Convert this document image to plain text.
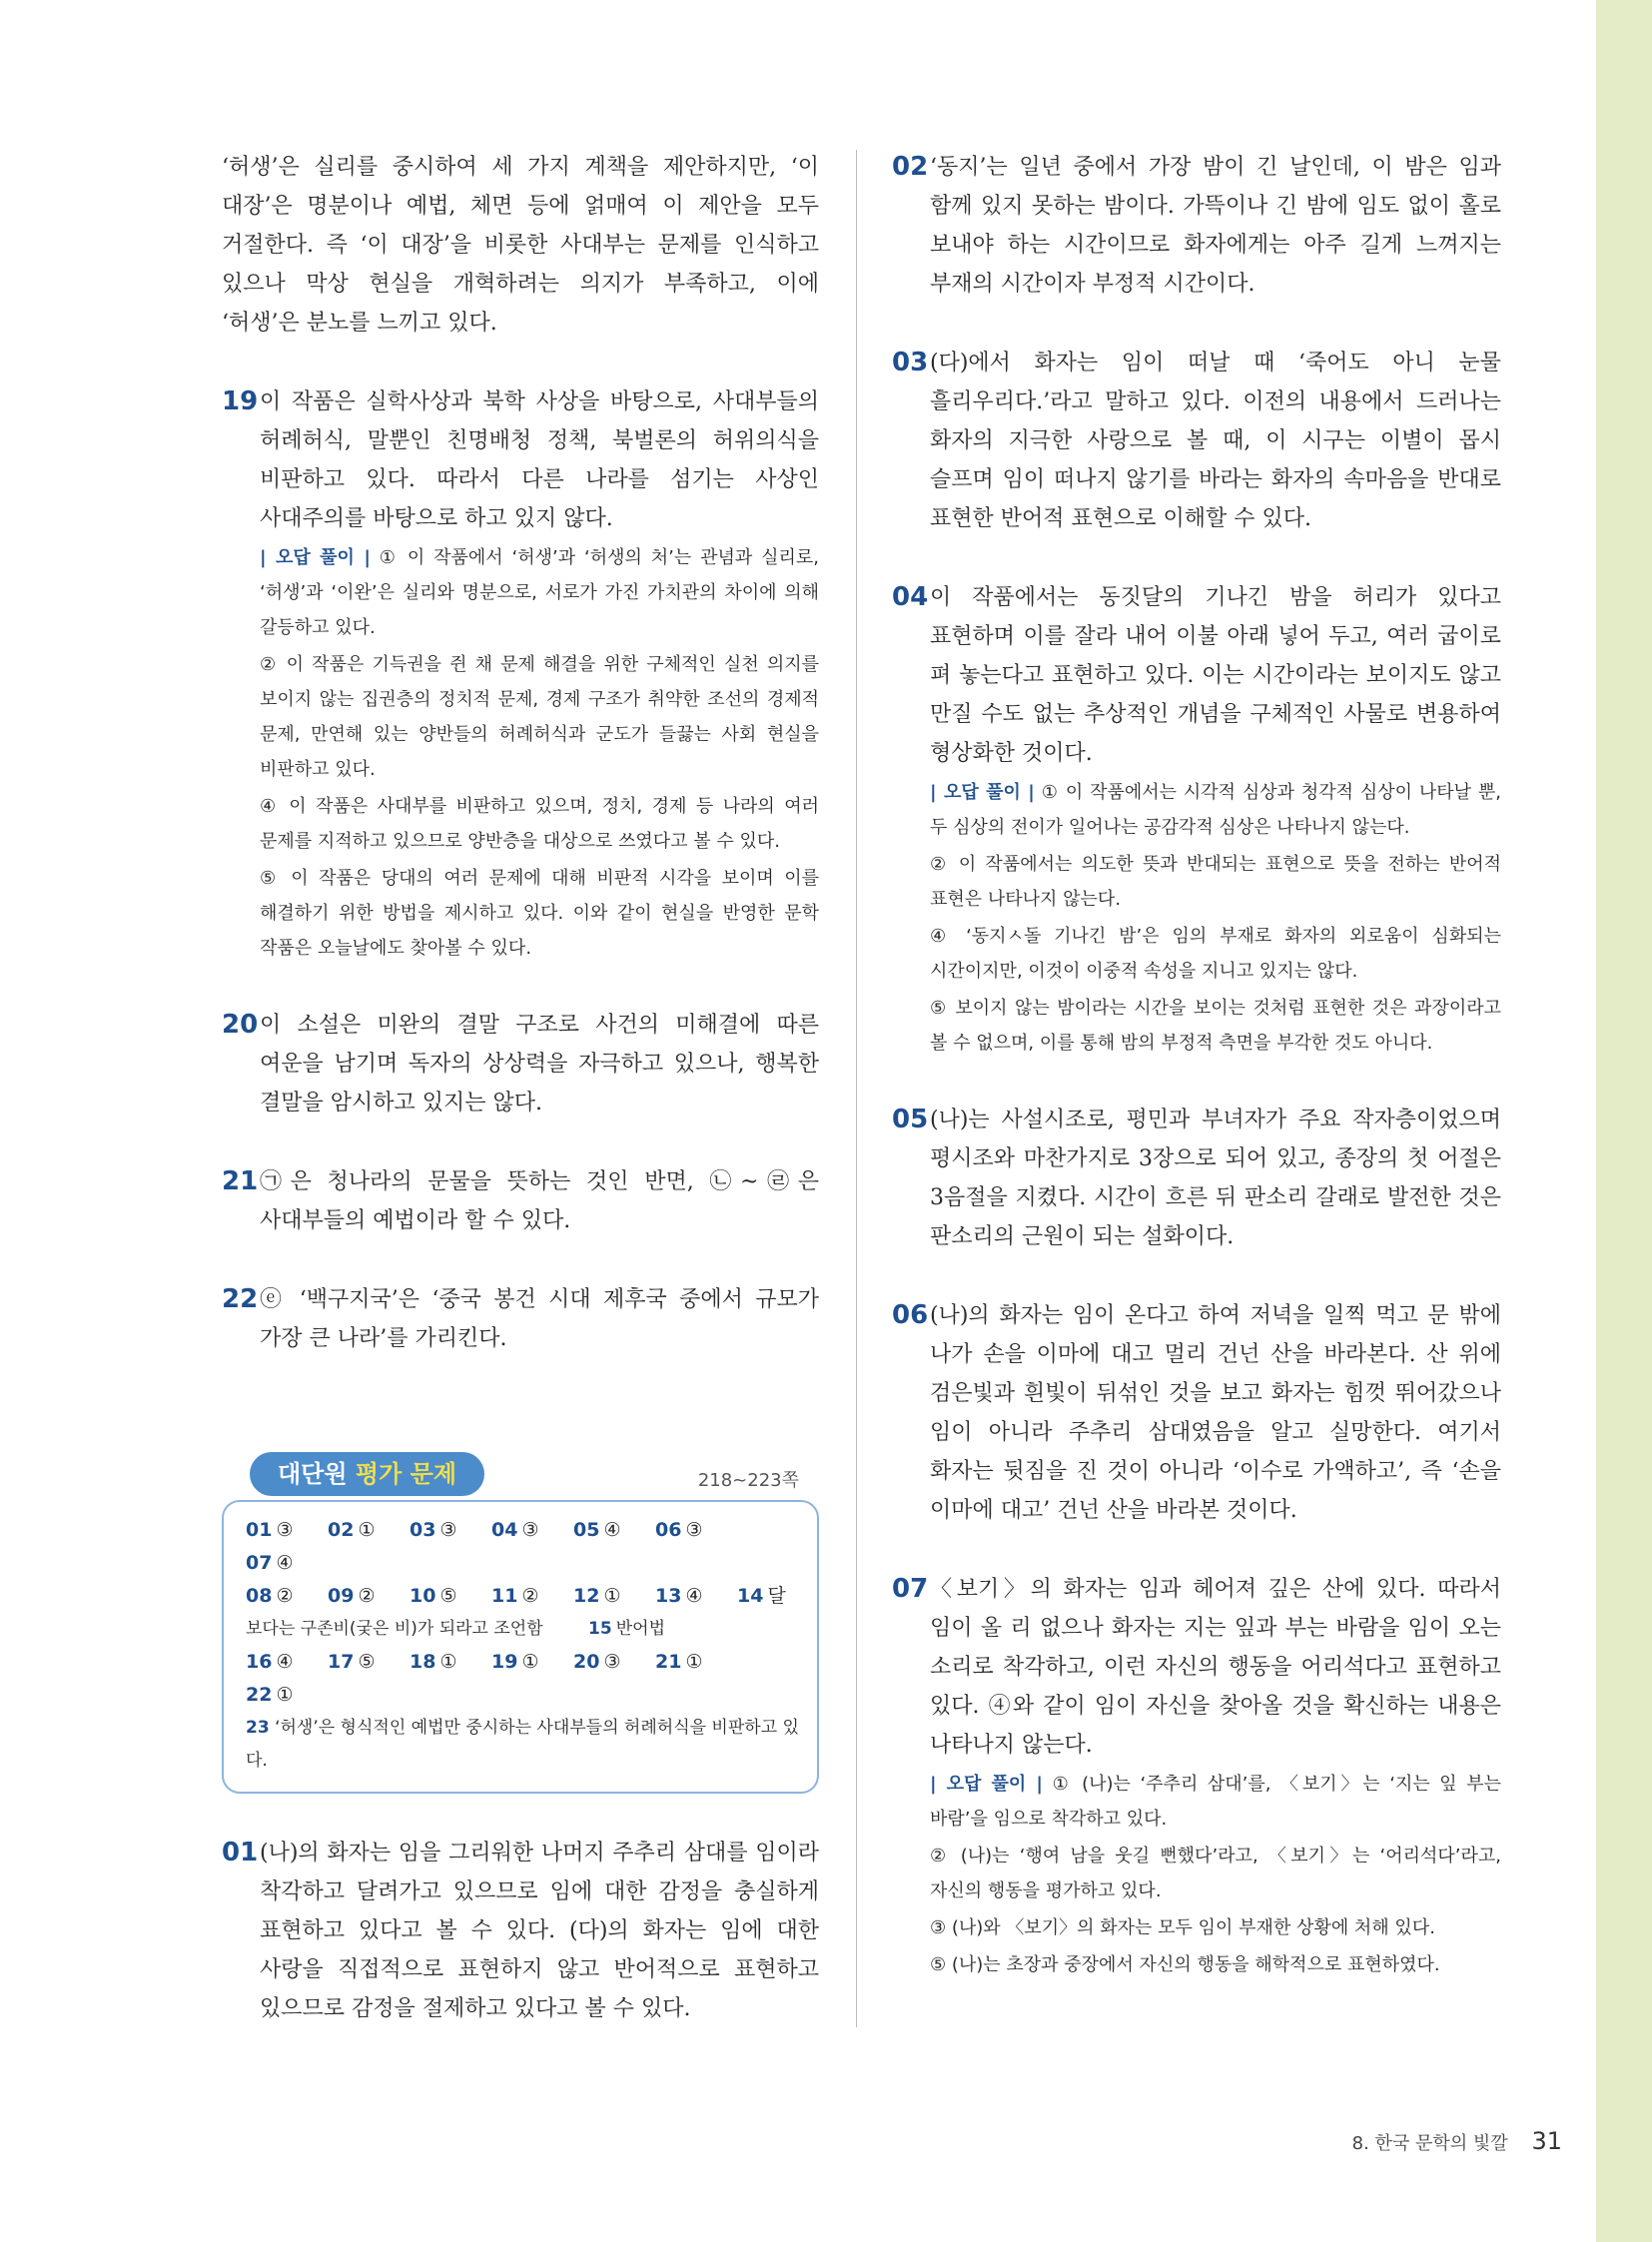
‘허생’은 실리를 중시하여 세 가지 계책을 제안하지만, ‘이 대장’은 명분이나 예법, 체면 등에 얽매여 이 제안을 모두 거절한다. 즉 ‘이 대장’을 비롯한 사대부는 문제를 인식하고 있으나 막상 현실을 개혁하려는 의지가 부족하고, 이에 ‘허생’은 분노를 느끼고 있다.

19 이 작품은 실학사상과 북학 사상을 바탕으로, 사대부들의 허례허식, 말뿐인 친명배청 정책, 북벌론의 허위의식을 비판하고 있다. 따라서 다른 나라를 섬기는 사상인 사대주의를 바탕으로 하고 있지 않다.

| 오답 풀이 | ① 이 작품에서 ‘허생’과 ‘허생의 처’는 관념과 실리로, ‘허생’과 ‘이완’은 실리와 명분으로, 서로가 가진 가치관의 차이에 의해 갈등하고 있다.

② 이 작품은 기득권을 쥔 채 문제 해결을 위한 구체적인 실천 의지를 보이지 않는 집권층의 정치적 문제, 경제 구조가 취약한 조선의 경제적 문제, 만연해 있는 양반들의 허례허식과 군도가 들끓는 사회 현실을 비판하고 있다.

④ 이 작품은 사대부를 비판하고 있으며, 정치, 경제 등 나라의 여러 문제를 지적하고 있으므로 양반층을 대상으로 쓰였다고 볼 수 있다.

⑤ 이 작품은 당대의 여러 문제에 대해 비판적 시각을 보이며 이를 해결하기 위한 방법을 제시하고 있다. 이와 같이 현실을 반영한 문학 작품은 오늘날에도 찾아볼 수 있다.

20 이 소설은 미완의 결말 구조로 사건의 미해결에 따른 여운을 남기며 독자의 상상력을 자극하고 있으나, 행복한 결말을 암시하고 있지는 않다.

21 ㉠은 청나라의 문물을 뜻하는 것인 반면, ㉡~㉣은 사대부들의 예법이라 할 수 있다.

22 ⓔ ‘백구지국’은 ‘중국 봉건 시대 제후국 중에서 규모가 가장 큰 나라’를 가리킨다.

대단원 평가 문제	218~223쪽
01 ③	02 ①	03 ③	04 ③	05 ④	06 ③
07 ④
08 ②	09 ②	10 ⑤	11 ②	12 ①	13 ④	14 달
보다는 구존비(궂은 비)가 되라고 조언함	15 반어법
16 ④	17 ⑤	18 ①	19 ①	20 ③	21 ①
22 ①
23 ‘허생’은 형식적인 예법만 중시하는 사대부들의 허례허식을 비판하고 있다.
01 (나)의 화자는 임을 그리워한 나머지 주추리 삼대를 임이라 착각하고 달려가고 있으므로 임에 대한 감정을 충실하게 표현하고 있다고 볼 수 있다. (다)의 화자는 임에 대한 사랑을 직접적으로 표현하지 않고 반어적으로 표현하고 있으므로 감정을 절제하고 있다고 볼 수 있다.

02 ‘동지’는 일년 중에서 가장 밤이 긴 날인데, 이 밤은 임과 함께 있지 못하는 밤이다. 가뜩이나 긴 밤에 임도 없이 홀로 보내야 하는 시간이므로 화자에게는 아주 길게 느껴지는 부재의 시간이자 부정적 시간이다.

03 (다)에서 화자는 임이 떠날 때 ‘죽어도 아니 눈물 흘리우리다.’라고 말하고 있다. 이전의 내용에서 드러나는 화자의 지극한 사랑으로 볼 때, 이 시구는 이별이 몹시 슬프며 임이 떠나지 않기를 바라는 화자의 속마음을 반대로 표현한 반어적 표현으로 이해할 수 있다.

04 이 작품에서는 동짓달의 기나긴 밤을 허리가 있다고 표현하며 이를 잘라 내어 이불 아래 넣어 두고, 여러 굽이로 펴 놓는다고 표현하고 있다. 이는 시간이라는 보이지도 않고 만질 수도 없는 추상적인 개념을 구체적인 사물로 변용하여 형상화한 것이다.

| 오답 풀이 | ① 이 작품에서는 시각적 심상과 청각적 심상이 나타날 뿐, 두 심상의 전이가 일어나는 공감각적 심상은 나타나지 않는다.

② 이 작품에서는 의도한 뜻과 반대되는 표현으로 뜻을 전하는 반어적 표현은 나타나지 않는다.

④ ‘동지ㅅ돌 기나긴 밤’은 임의 부재로 화자의 외로움이 심화되는 시간이지만, 이것이 이중적 속성을 지니고 있지는 않다.

⑤ 보이지 않는 밤이라는 시간을 보이는 것처럼 표현한 것은 과장이라고 볼 수 없으며, 이를 통해 밤의 부정적 측면을 부각한 것도 아니다.

05 (나)는 사설시조로, 평민과 부녀자가 주요 작자층이었으며 평시조와 마찬가지로 3장으로 되어 있고, 종장의 첫 어절은 3음절을 지켰다. 시간이 흐른 뒤 판소리 갈래로 발전한 것은 판소리의 근원이 되는 설화이다.

06 (나)의 화자는 임이 온다고 하여 저녁을 일찍 먹고 문 밖에 나가 손을 이마에 대고 멀리 건넌 산을 바라본다. 산 위에 검은빛과 흰빛이 뒤섞인 것을 보고 화자는 힘껏 뛰어갔으나 임이 아니라 주추리 삼대였음을 알고 실망한다. 여기서 화자는 뒷짐을 진 것이 아니라 ‘이수로 가액하고’, 즉 ‘손을 이마에 대고’ 건넌 산을 바라본 것이다.

07 〈보기〉의 화자는 임과 헤어져 깊은 산에 있다. 따라서 임이 올 리 없으나 화자는 지는 잎과 부는 바람을 임이 오는 소리로 착각하고, 이런 자신의 행동을 어리석다고 표현하고 있다. ④와 같이 임이 자신을 찾아올 것을 확신하는 내용은 나타나지 않는다.

| 오답 풀이 | ① (나)는 ‘주추리 삼대’를, 〈보기〉는 ‘지는 잎 부는 바람’을 임으로 착각하고 있다.

② (나)는 ‘행여 남을 웃길 뻔했다’라고, 〈보기〉는 ‘어리석다’라고, 자신의 행동을 평가하고 있다.

③ (나)와 〈보기〉의 화자는 모두 임이 부재한 상황에 처해 있다.

⑤ (나)는 초장과 중장에서 자신의 행동을 해학적으로 표현하였다.

8. 한국 문학의 빛깔 31
